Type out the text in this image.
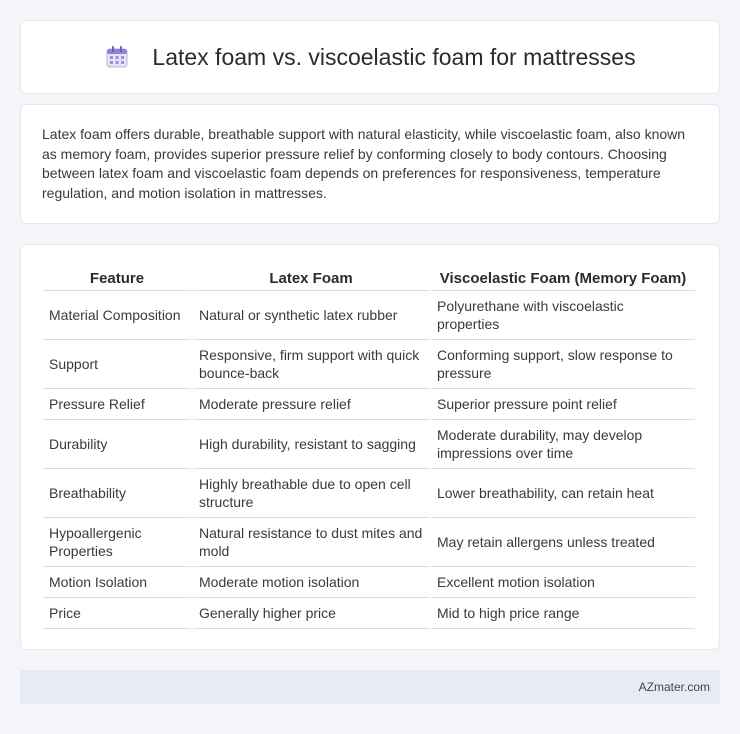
Latex foam vs. viscoelastic foam for mattresses

Latex foam offers durable, breathable support with natural elasticity, while viscoelastic foam, also known as memory foam, provides superior pressure relief by conforming closely to body contours. Choosing between latex foam and viscoelastic foam depends on preferences for responsiveness, temperature regulation, and motion isolation in mattresses.

Feature	Latex Foam	Viscoelastic Foam (Memory Foam)
Material Composition	Natural or synthetic latex rubber	Polyurethane with viscoelastic properties
Support	Responsive, firm support with quick bounce-back	Conforming support, slow response to pressure
Pressure Relief	Moderate pressure relief	Superior pressure point relief
Durability	High durability, resistant to sagging	Moderate durability, may develop impressions over time
Breathability	Highly breathable due to open cell structure	Lower breathability, can retain heat
Hypoallergenic Properties	Natural resistance to dust mites and mold	May retain allergens unless treated
Motion Isolation	Moderate motion isolation	Excellent motion isolation
Price	Generally higher price	Mid to high price range
AZmater.com
